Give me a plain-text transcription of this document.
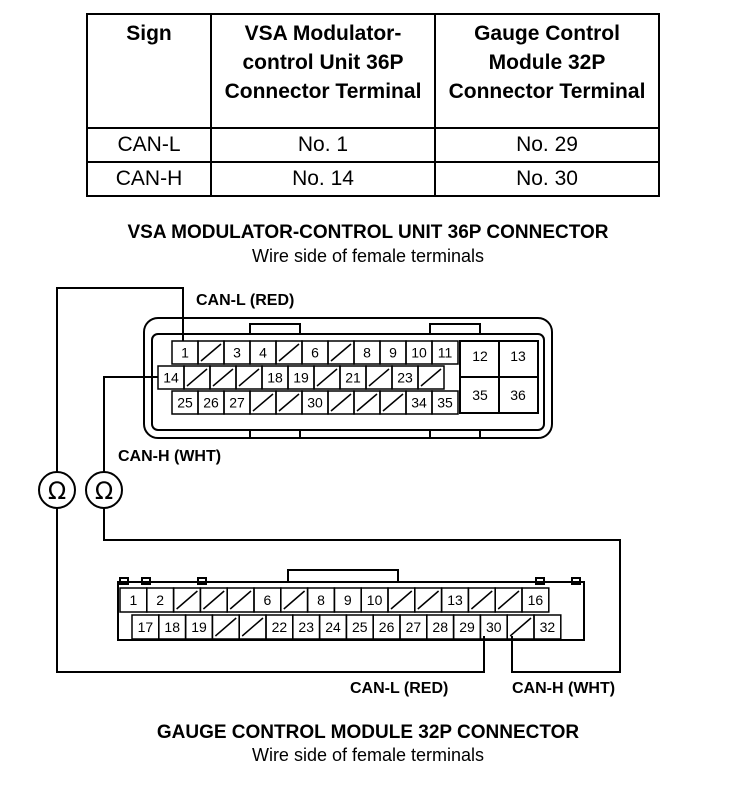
Sign	VSA Modulator-control Unit 36P Connector Terminal	Gauge Control Module 32P Connector Terminal
CAN-L	No. 1	No. 29
CAN-H	No. 14	No. 30
VSA MODULATOR-CONTROL UNIT 36P CONNECTOR
Wire side of female terminals
Ω Ω
1	3 4	6	8 9 10 11
14	18 19	21	23
25 26 27	30	34 35
12 13
35 36
1 2	6	8 9 10	13	16
17 18 19	22 23 24 25 26 27 28 29 30	32
CAN-L (RED)
CAN-H (WHT)
CAN-L (RED)	CAN-H (WHT)
GAUGE CONTROL MODULE 32P CONNECTOR
Wire side of female terminals
